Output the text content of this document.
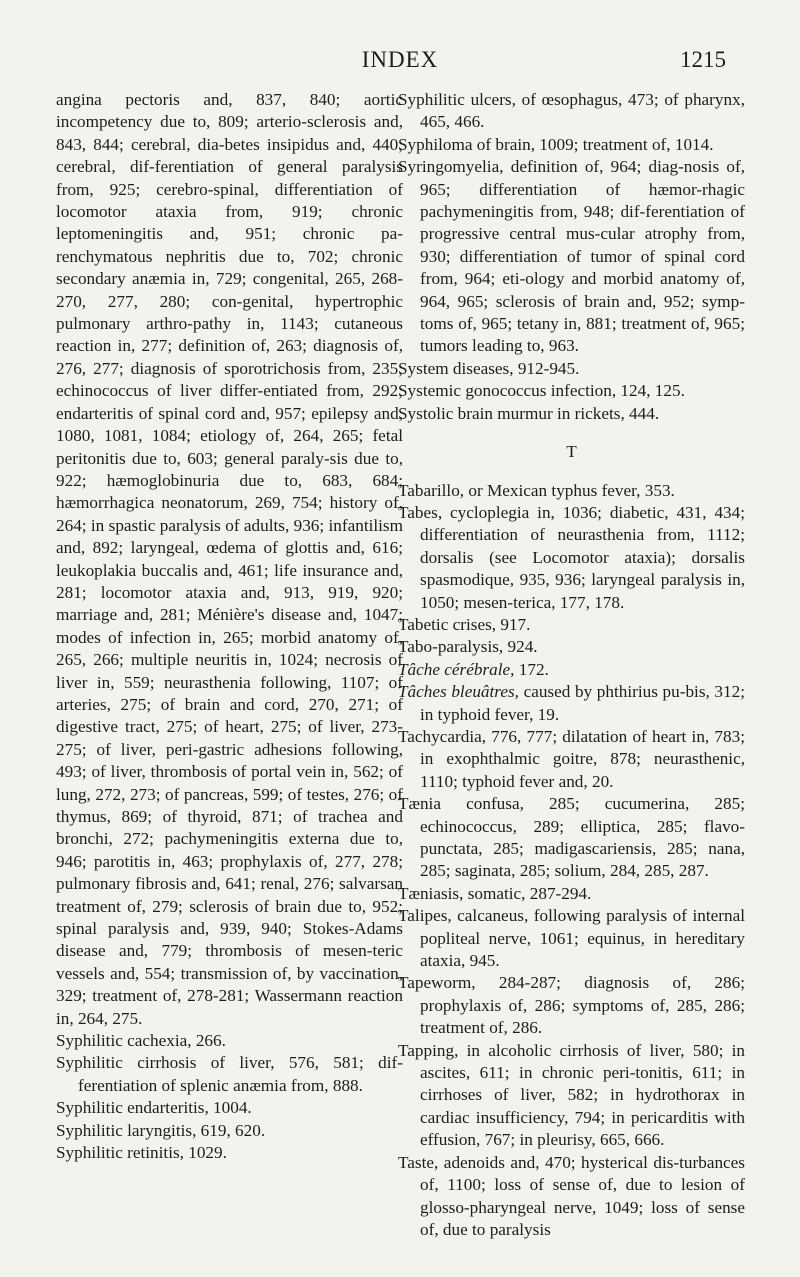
INDEX	1215

angina pectoris and, 837, 840; aortic incompetency due to, 809; arterio-sclerosis and, 843, 844; cerebral, dia-betes insipidus and, 440; cerebral, dif-ferentiation of general paralysis from, 925; cerebro-spinal, differentiation of locomotor ataxia from, 919; chronic leptomeningitis and, 951; chronic pa-renchymatous nephritis due to, 702; chronic secondary anæmia in, 729; congenital, 265, 268-270, 277, 280; con-genital, hypertrophic pulmonary arthro-pathy in, 1143; cutaneous reaction in, 277; definition of, 263; diagnosis of, 276, 277; diagnosis of sporotrichosis from, 235; echinococcus of liver differ-entiated from, 292; endarteritis of spinal cord and, 957; epilepsy and, 1080, 1081, 1084; etiology of, 264, 265; fetal peritonitis due to, 603; general paraly-sis due to, 922; hæmoglobinuria due to, 683, 684; hæmorrhagica neonatorum, 269, 754; history of, 264; in spastic paralysis of adults, 936; infantilism and, 892; laryngeal, œdema of glottis and, 616; leukoplakia buccalis and, 461; life insurance and, 281; locomotor ataxia and, 913, 919, 920; marriage and, 281; Ménière's disease and, 1047; modes of infection in, 265; morbid anatomy of, 265, 266; multiple neuritis in, 1024; necrosis of liver in, 559; neurasthenia following, 1107; of arteries, 275; of brain and cord, 270, 271; of digestive tract, 275; of heart, 275; of liver, 273-275; of liver, peri-gastric adhesions following, 493; of liver, thrombosis of portal vein in, 562; of lung, 272, 273; of pancreas, 599; of testes, 276; of thymus, 869; of thyroid, 871; of trachea and bronchi, 272; pachymeningitis externa due to, 946; parotitis in, 463; prophylaxis of, 277, 278; pulmonary fibrosis and, 641; renal, 276; salvarsan treatment of, 279; sclerosis of brain due to, 952; spinal paralysis and, 939, 940; Stokes-Adams disease and, 779; thrombosis of mesen-teric vessels and, 554; transmission of, by vaccination, 329; treatment of, 278-281; Wassermann reaction in, 264, 275.

Syphilitic cachexia, 266.

Syphilitic cirrhosis of liver, 576, 581; dif-ferentiation of splenic anæmia from, 888.

Syphilitic endarteritis, 1004.

Syphilitic laryngitis, 619, 620.

Syphilitic retinitis, 1029.

Syphilitic ulcers, of œsophagus, 473; of pharynx, 465, 466.

Syphiloma of brain, 1009; treatment of, 1014.

Syringomyelia, definition of, 964; diag-nosis of, 965; differentiation of hæmor-rhagic pachymeningitis from, 948; dif-ferentiation of progressive central mus-cular atrophy from, 930; differentiation of tumor of spinal cord from, 964; eti-ology and morbid anatomy of, 964, 965; sclerosis of brain and, 952; symp-toms of, 965; tetany in, 881; treatment of, 965; tumors leading to, 963.

System diseases, 912-945.

Systemic gonococcus infection, 124, 125.

Systolic brain murmur in rickets, 444.

T

Tabarillo, or Mexican typhus fever, 353.

Tabes, cycloplegia in, 1036; diabetic, 431, 434; differentiation of neurasthenia from, 1112; dorsalis (see Locomotor ataxia); dorsalis spasmodique, 935, 936; laryngeal paralysis in, 1050; mesen-terica, 177, 178.

Tabetic crises, 917.

Tabo-paralysis, 924.

Tâche cérébrale, 172.

Tâches bleuâtres, caused by phthirius pu-bis, 312; in typhoid fever, 19.

Tachycardia, 776, 777; dilatation of heart in, 783; in exophthalmic goitre, 878; neurasthenic, 1110; typhoid fever and, 20.

Tænia confusa, 285; cucumerina, 285; echinococcus, 289; elliptica, 285; flavo-punctata, 285; madigascariensis, 285; nana, 285; saginata, 285; solium, 284, 285, 287.

Tæniasis, somatic, 287-294.

Talipes, calcaneus, following paralysis of internal popliteal nerve, 1061; equinus, in hereditary ataxia, 945.

Tapeworm, 284-287; diagnosis of, 286; prophylaxis of, 286; symptoms of, 285, 286; treatment of, 286.

Tapping, in alcoholic cirrhosis of liver, 580; in ascites, 611; in chronic peri-tonitis, 611; in cirrhoses of liver, 582; in hydrothorax in cardiac insufficiency, 794; in pericarditis with effusion, 767; in pleurisy, 665, 666.

Taste, adenoids and, 470; hysterical dis-turbances of, 1100; loss of sense of, due to lesion of glosso-pharyngeal nerve, 1049; loss of sense of, due to paralysis
